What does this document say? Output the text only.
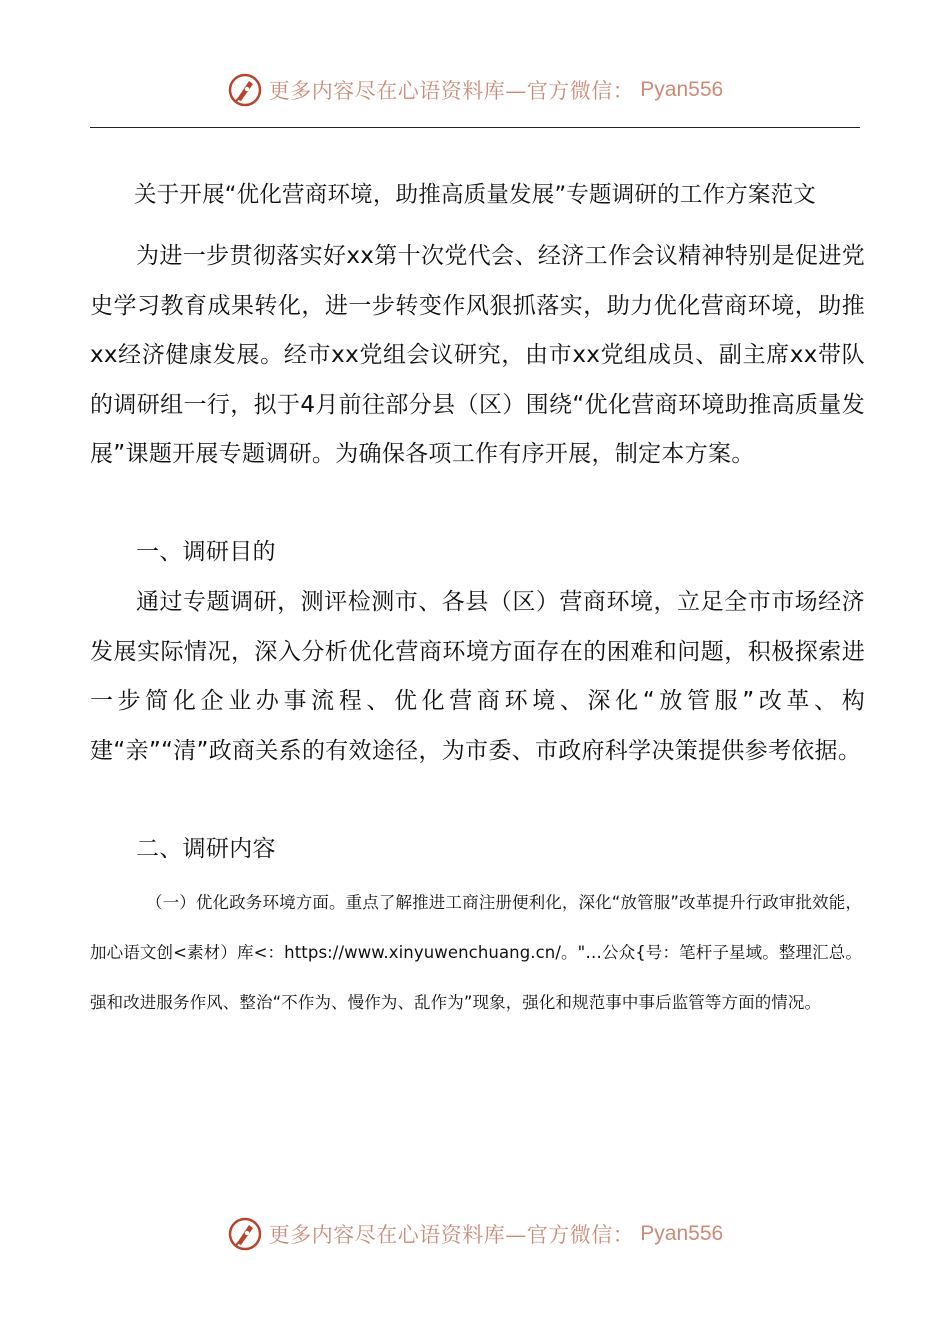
更多内容尽在心语资料库—官方微信： Pyan556
关于开展“优化营商环境，助推高质量发展”专题调研的工作方案范文

为进一步贯彻落实好xx第十次党代会、经济工作会议精神特别是促进党史学习教育成果转化，进一步转变作风狠抓落实，助力优化营商环境，助推xx经济健康发展。经市xx党组会议研究，由市xx党组成员、副主席xx带队的调研组一行，拟于4月前往部分县（区）围绕“优化营商环境助推高质量发展”课题开展专题调研。为确保各项工作有序开展，制定本方案。

一、调研目的

通过专题调研，测评检测市、各县（区）营商环境，立足全市市场经济发展实际情况，深入分析优化营商环境方面存在的困难和问题，积极探索进一步简化企业办事流程、优化营商环境、深化“放管服”改革、构建“亲”“清”政商关系的有效途径，为市委、市政府科学决策提供参考依据。

二、调研内容

（一）优化政务环境方面。重点了解推进工商注册便利化，深化“放管服”改革提升行政审批效能，加心语文创<素材）库<：https://www.xinyuwenchuang.cn/。"…公众{号：笔杆子星域。整理汇总。强和改进服务作风、整治“不作为、慢作为、乱作为”现象，强化和规范事中事后监管等方面的情况。

更多内容尽在心语资料库—官方微信： Pyan556
